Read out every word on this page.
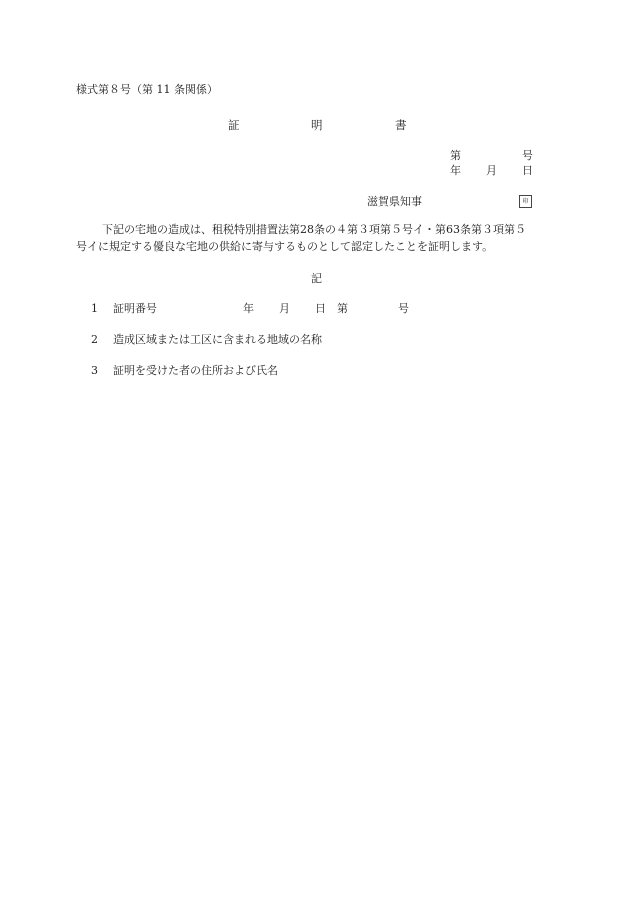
様式第８号（第 11 条関係）
証	明	書
第	号
年 月 日
滋賀県知事	印
下記の宅地の造成は、租税特別措置法第28条の４第３項第５号イ・第63条第３項第５
号イに規定する優良な宅地の供給に寄与するものとして認定したことを証明します。
記
1 証明番号	年 月 日 第	号
2 造成区域または工区に含まれる地域の名称
3 証明を受けた者の住所および氏名
